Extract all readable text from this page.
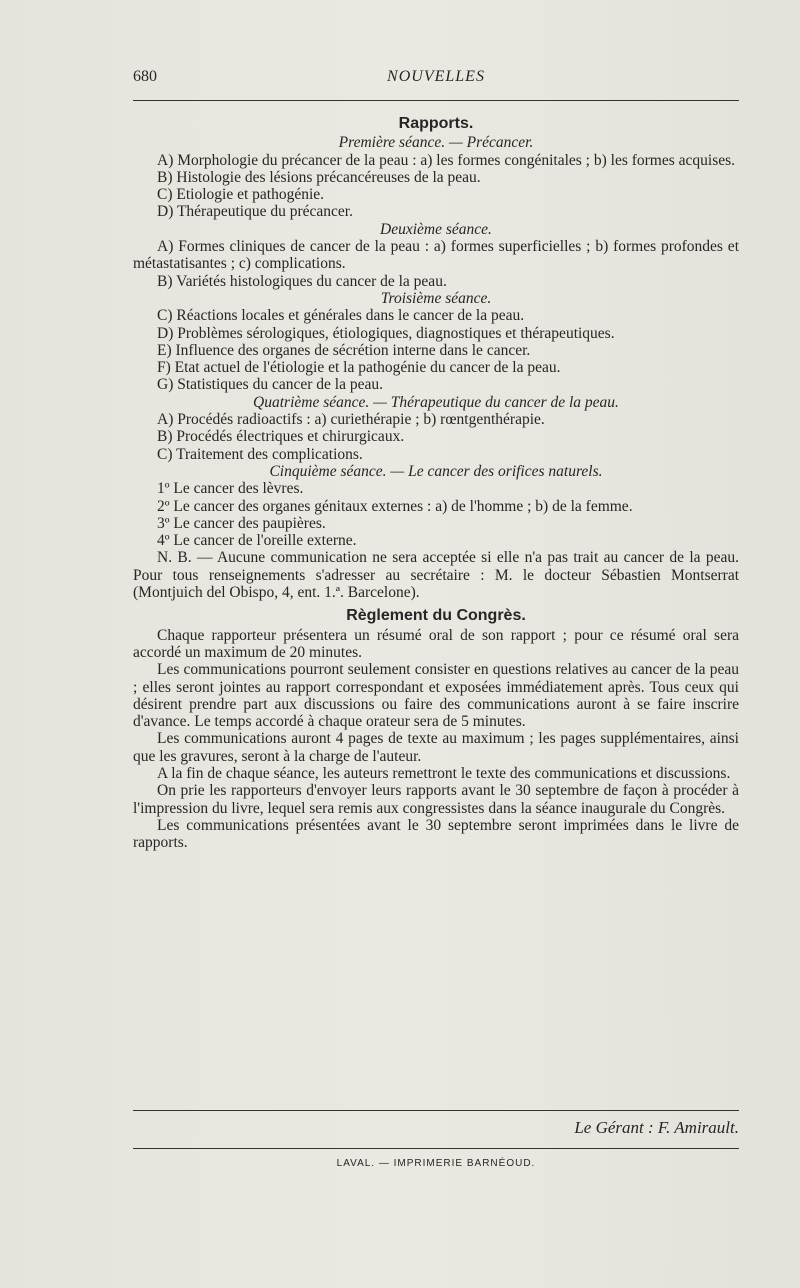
680	NOUVELLES
Rapports.
Première séance. — Précancer.
A) Morphologie du précancer de la peau : a) les formes congénitales ; b) les formes acquises.
B) Histologie des lésions précancéreuses de la peau.
C) Etiologie et pathogénie.
D) Thérapeutique du précancer.
Deuxième séance.
A) Formes cliniques de cancer de la peau : a) formes superficielles ; b) formes profondes et métastatisantes ; c) complications.
B) Variétés histologiques du cancer de la peau.
Troisième séance.
C) Réactions locales et générales dans le cancer de la peau.
D) Problèmes sérologiques, étiologiques, diagnostiques et thérapeutiques.
E) Influence des organes de sécrétion interne dans le cancer.
F) Etat actuel de l'étiologie et la pathogénie du cancer de la peau.
G) Statistiques du cancer de la peau.
Quatrième séance. — Thérapeutique du cancer de la peau.
A) Procédés radioactifs : a) curiethérapie ; b) rœntgenthérapie.
B) Procédés électriques et chirurgicaux.
C) Traitement des complications.
Cinquième séance. — Le cancer des orifices naturels.
1º Le cancer des lèvres.
2º Le cancer des organes génitaux externes : a) de l'homme ; b) de la femme.
3º Le cancer des paupières.
4º Le cancer de l'oreille externe.
N. B. — Aucune communication ne sera acceptée si elle n'a pas trait au cancer de la peau. Pour tous renseignements s'adresser au secrétaire : M. le docteur Sébastien Montserrat (Montjuich del Obispo, 4, ent. 1.ª. Barcelone).
Règlement du Congrès.
Chaque rapporteur présentera un résumé oral de son rapport ; pour ce résumé oral sera accordé un maximum de 20 minutes.
Les communications pourront seulement consister en questions relatives au cancer de la peau ; elles seront jointes au rapport correspondant et exposées immédiatement après. Tous ceux qui désirent prendre part aux discussions ou faire des communications auront à se faire inscrire d'avance. Le temps accordé à chaque orateur sera de 5 minutes.
Les communications auront 4 pages de texte au maximum ; les pages supplémentaires, ainsi que les gravures, seront à la charge de l'auteur.
A la fin de chaque séance, les auteurs remettront le texte des communications et discussions.
On prie les rapporteurs d'envoyer leurs rapports avant le 30 septembre de façon à procéder à l'impression du livre, lequel sera remis aux congressistes dans la séance inaugurale du Congrès.
Les communications présentées avant le 30 septembre seront imprimées dans le livre de rapports.
Le Gérant : F. Amirault.
LAVAL. — IMPRIMERIE BARNÉOUD.
